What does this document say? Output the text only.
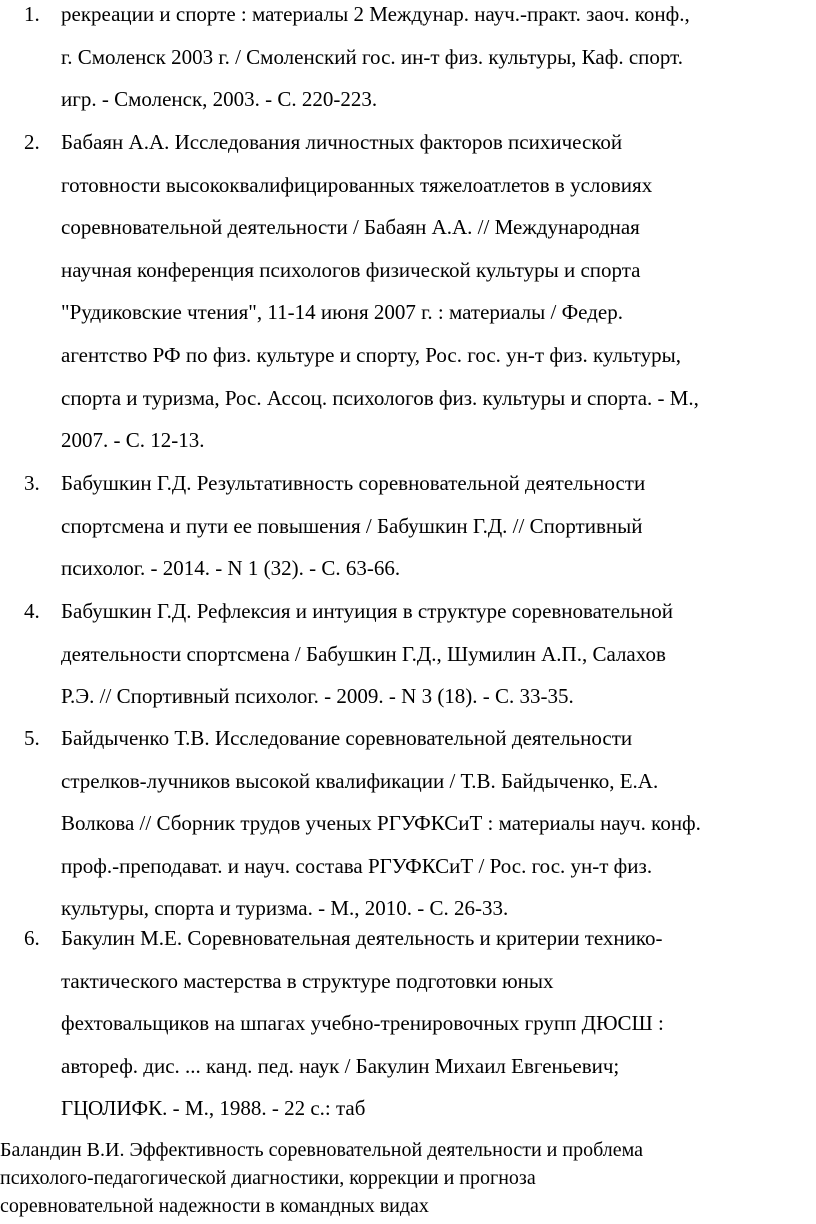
1.	рекреации и спорте : материалы 2 Междунар. науч.-практ. заоч. конф.,
г. Смоленск 2003 г. / Смоленский гос. ин-т физ. культуры, Каф. спорт.
игр. - Смоленск, 2003. - С. 220-223.
2.	Бабаян А.А. Исследования личностных факторов психической
готовности высококвалифицированных тяжелоатлетов в условиях
соревновательной деятельности / Бабаян А.А. // Международная
научная конференция психологов физической культуры и спорта
"Рудиковские чтения", 11-14 июня 2007 г. : материалы / Федер.
агентство РФ по физ. культуре и спорту, Рос. гос. ун-т физ. культуры,
спорта и туризма, Рос. Ассоц. психологов физ. культуры и спорта. - М.,
2007. - С. 12-13.
3.	Бабушкин Г.Д. Результативность соревновательной деятельности
спортсмена и пути ее повышения / Бабушкин Г.Д. // Спортивный
психолог. - 2014. - N 1 (32). - С. 63-66.
4.	Бабушкин Г.Д. Рефлексия и интуиция в структуре соревновательной
деятельности спортсмена / Бабушкин Г.Д., Шумилин А.П., Салахов
Р.Э. // Спортивный психолог. - 2009. - N 3 (18). - С. 33-35.
5.	Байдыченко Т.В. Исследование соревновательной деятельности
стрелков-лучников высокой квалификации / Т.В. Байдыченко, Е.А.
Волкова // Сборник трудов ученых РГУФКСиТ : материалы науч. конф.
проф.-преподават. и науч. состава РГУФКСиТ / Рос. гос. ун-т физ.
культуры, спорта и туризма. - М., 2010. - С. 26-33.
6.	Бакулин М.Е. Соревновательная деятельность и критерии технико-
тактического мастерства в структуре подготовки юных
фехтовальщиков на шпагах учебно-тренировочных групп ДЮСШ :
автореф. дис. ... канд. пед. наук / Бакулин Михаил Евгеньевич;
ГЦОЛИФК. - М., 1988. - 22 с.: таб
Баландин В.И. Эффективность соревновательной деятельности и проблема
психолого-педагогической диагностики, коррекции и прогноза
соревновательной надежности в командных видах
